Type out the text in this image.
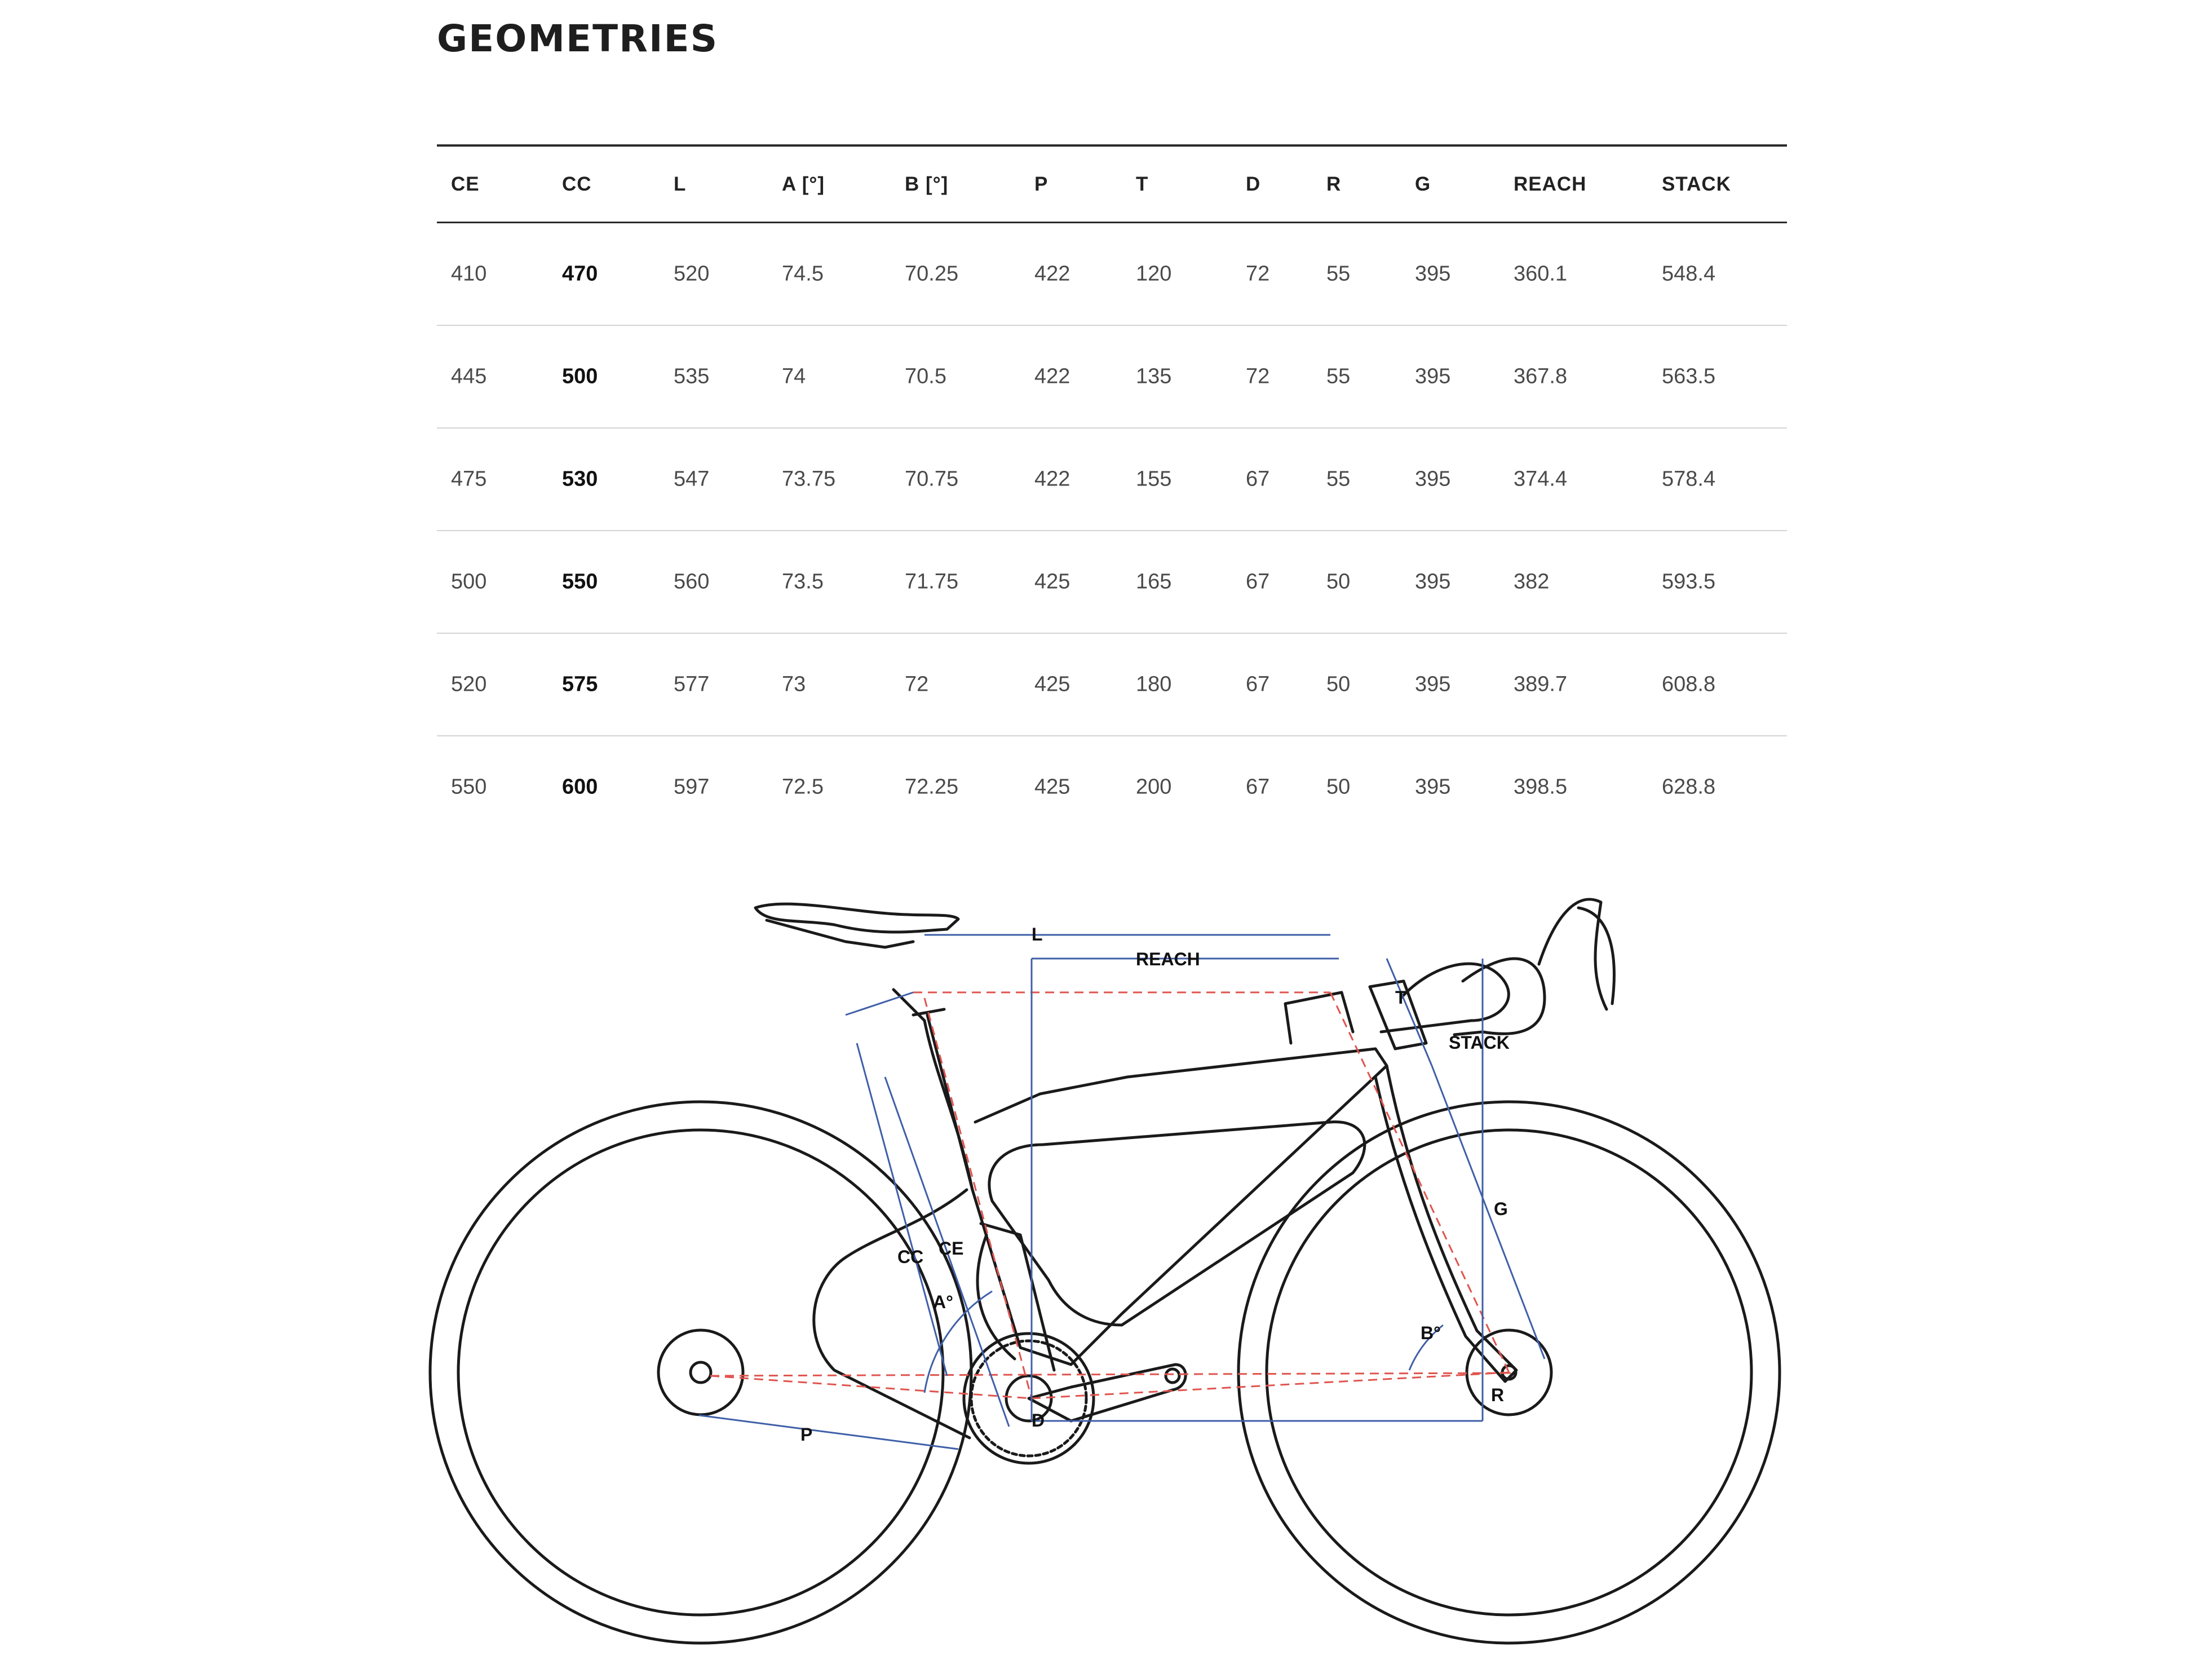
GEOMETRIES
CE	CC	L	A [°]	B [°]	P	T	D	R	G	REACH	STACK
410	470	520	74.5	70.25	422	120	72	55	395	360.1	548.4
445	500	535	74	70.5	422	135	72	55	395	367.8	563.5
475	530	547	73.75	70.75	422	155	67	55	395	374.4	578.4
500	550	560	73.5	71.75	425	165	67	50	395	382	593.5
520	575	577	73	72	425	180	67	50	395	389.7	608.8
550	600	597	72.5	72.25	425	200	67	50	395	398.5	628.8
L
REACH
T
STACK
G
CC CE
A°
B°
D
P
R
